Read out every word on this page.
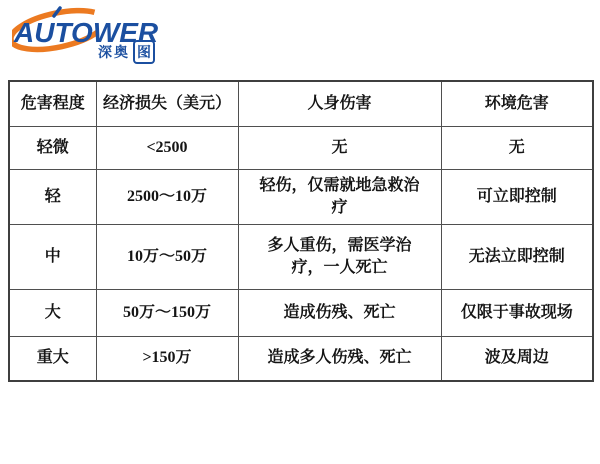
AUTOWER
深奥 图
危害程度	经济损失（美元）	人身伤害	环境危害
轻微	<2500	无	无
轻	2500～10万	轻伤，仅需就地急救治疗	可立即控制
中	10万～50万	多人重伤，需医学治疗，一人死亡	无法立即控制
大	50万～150万	造成伤残、死亡	仅限于事故现场
重大	>150万	造成多人伤残、死亡	波及周边
